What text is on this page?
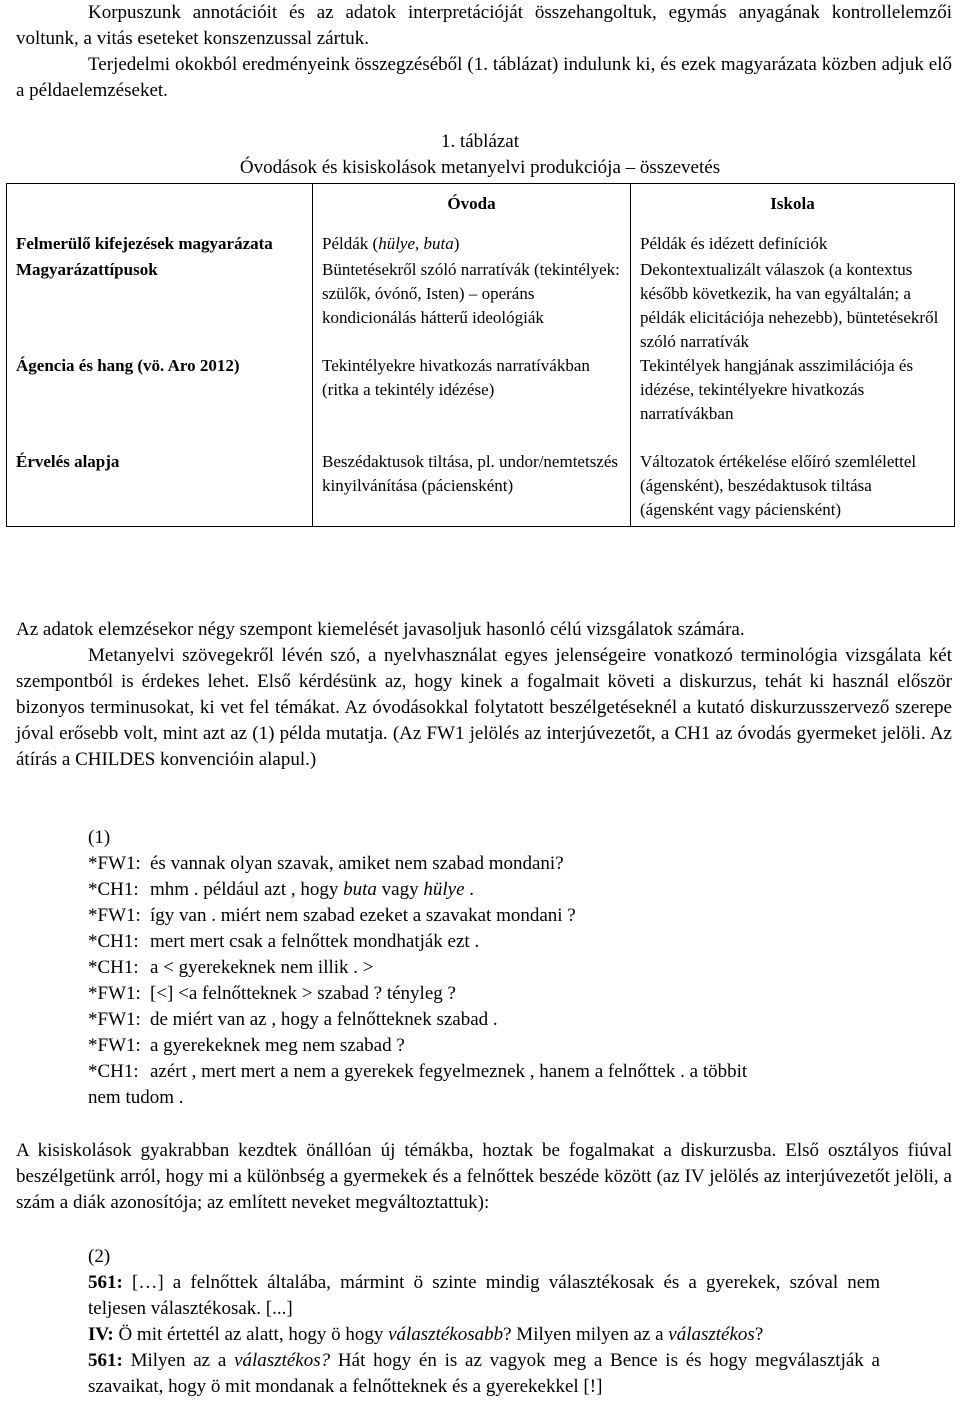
Korpuszunk annotációit és az adatok interpretációját összehangoltuk, egymás anyagának kontrollelemzői voltunk, a vitás eseteket konszenzussal zártuk.
Terjedelmi okokból eredményeink összegzéséből (1. táblázat) indulunk ki, és ezek magyarázata közben adjuk elő a példaelemzéseket.
1. táblázat
Óvodások és kisiskolások metanyelvi produkciója – összevetés
	Óvoda	Iskola
Felmerülő kifejezések magyarázata	Példák (hülye, buta)	Példák és idézett definíciók
Magyarázattípusok	Büntetésekről szóló narratívák (tekintélyek: szülők, óvónő, Isten) – operáns kondicionálás hátterű ideológiák	Dekontextualizált válaszok (a kontextus később következik, ha van egyáltalán; a példák elicitációja nehezebb), büntetésekről szóló narratívák
Ágencia és hang (vö. Aro 2012)	Tekintélyekre hivatkozás narratívákban (ritka a tekintély idézése)	Tekintélyek hangjának asszimilációja és idézése, tekintélyekre hivatkozás narratívákban
Érvelés alapja	Beszédaktusok tiltása, pl. undor/nemtetszés kinyilvánítása (páciensként)	Változatok értékelése előíró szemlélettel (ágensként), beszédaktusok tiltása (ágensként vagy páciensként)
Az adatok elemzésekor négy szempont kiemelését javasoljuk hasonló célú vizsgálatok számára.
Metanyelvi szövegekről lévén szó, a nyelvhasználat egyes jelenségeire vonatkozó terminológia vizsgálata két szempontból is érdekes lehet. Első kérdésünk az, hogy kinek a fogalmait követi a diskurzus, tehát ki használ először bizonyos terminusokat, ki vet fel témákat. Az óvodásokkal folytatott beszélgetéseknél a kutató diskurzusszervező szerepe jóval erősebb volt, mint azt az (1) példa mutatja. (Az FW1 jelölés az interjúvezetőt, a CH1 az óvodás gyermeket jelöli. Az átírás a CHILDES konvencióin alapul.)
(1)
*FW1: és vannak olyan szavak, amiket nem szabad mondani?
*CH1: mhm . például azt , hogy buta vagy hülye .
*FW1: így van . miért nem szabad ezeket a szavakat mondani ?
*CH1: mert mert csak a felnőttek mondhatják ezt .
*CH1: a < gyerekeknek nem illik . >
*FW1: [<] <a felnőtteknek > szabad ? tényleg ?
*FW1: de miért van az , hogy a felnőtteknek szabad .
*FW1: a gyerekeknek meg nem szabad ?
*CH1: azért , mert mert a nem a gyerekek fegyelmeznek , hanem a felnőttek . a többit
nem tudom .
A kisiskolások gyakrabban kezdtek önállóan új témákba, hoztak be fogalmakat a diskurzusba. Első osztályos fiúval beszélgetünk arról, hogy mi a különbség a gyermekek és a felnőttek beszéde között (az IV jelölés az interjúvezetőt jelöli, a szám a diák azonosítója; az említett neveket megváltoztattuk):
(2)
561: […] a felnőttek általába, mármint ö szinte mindig választékosak és a gyerekek, szóval nem teljesen választékosak. [...]
IV: Ö mit értettél az alatt, hogy ö hogy választékosabb? Milyen milyen az a választékos?
561: Milyen az a választékos? Hát hogy én is az vagyok meg a Bence is és hogy megválasztják a szavaikat, hogy ö mit mondanak a felnőtteknek és a gyerekekkel [!]
